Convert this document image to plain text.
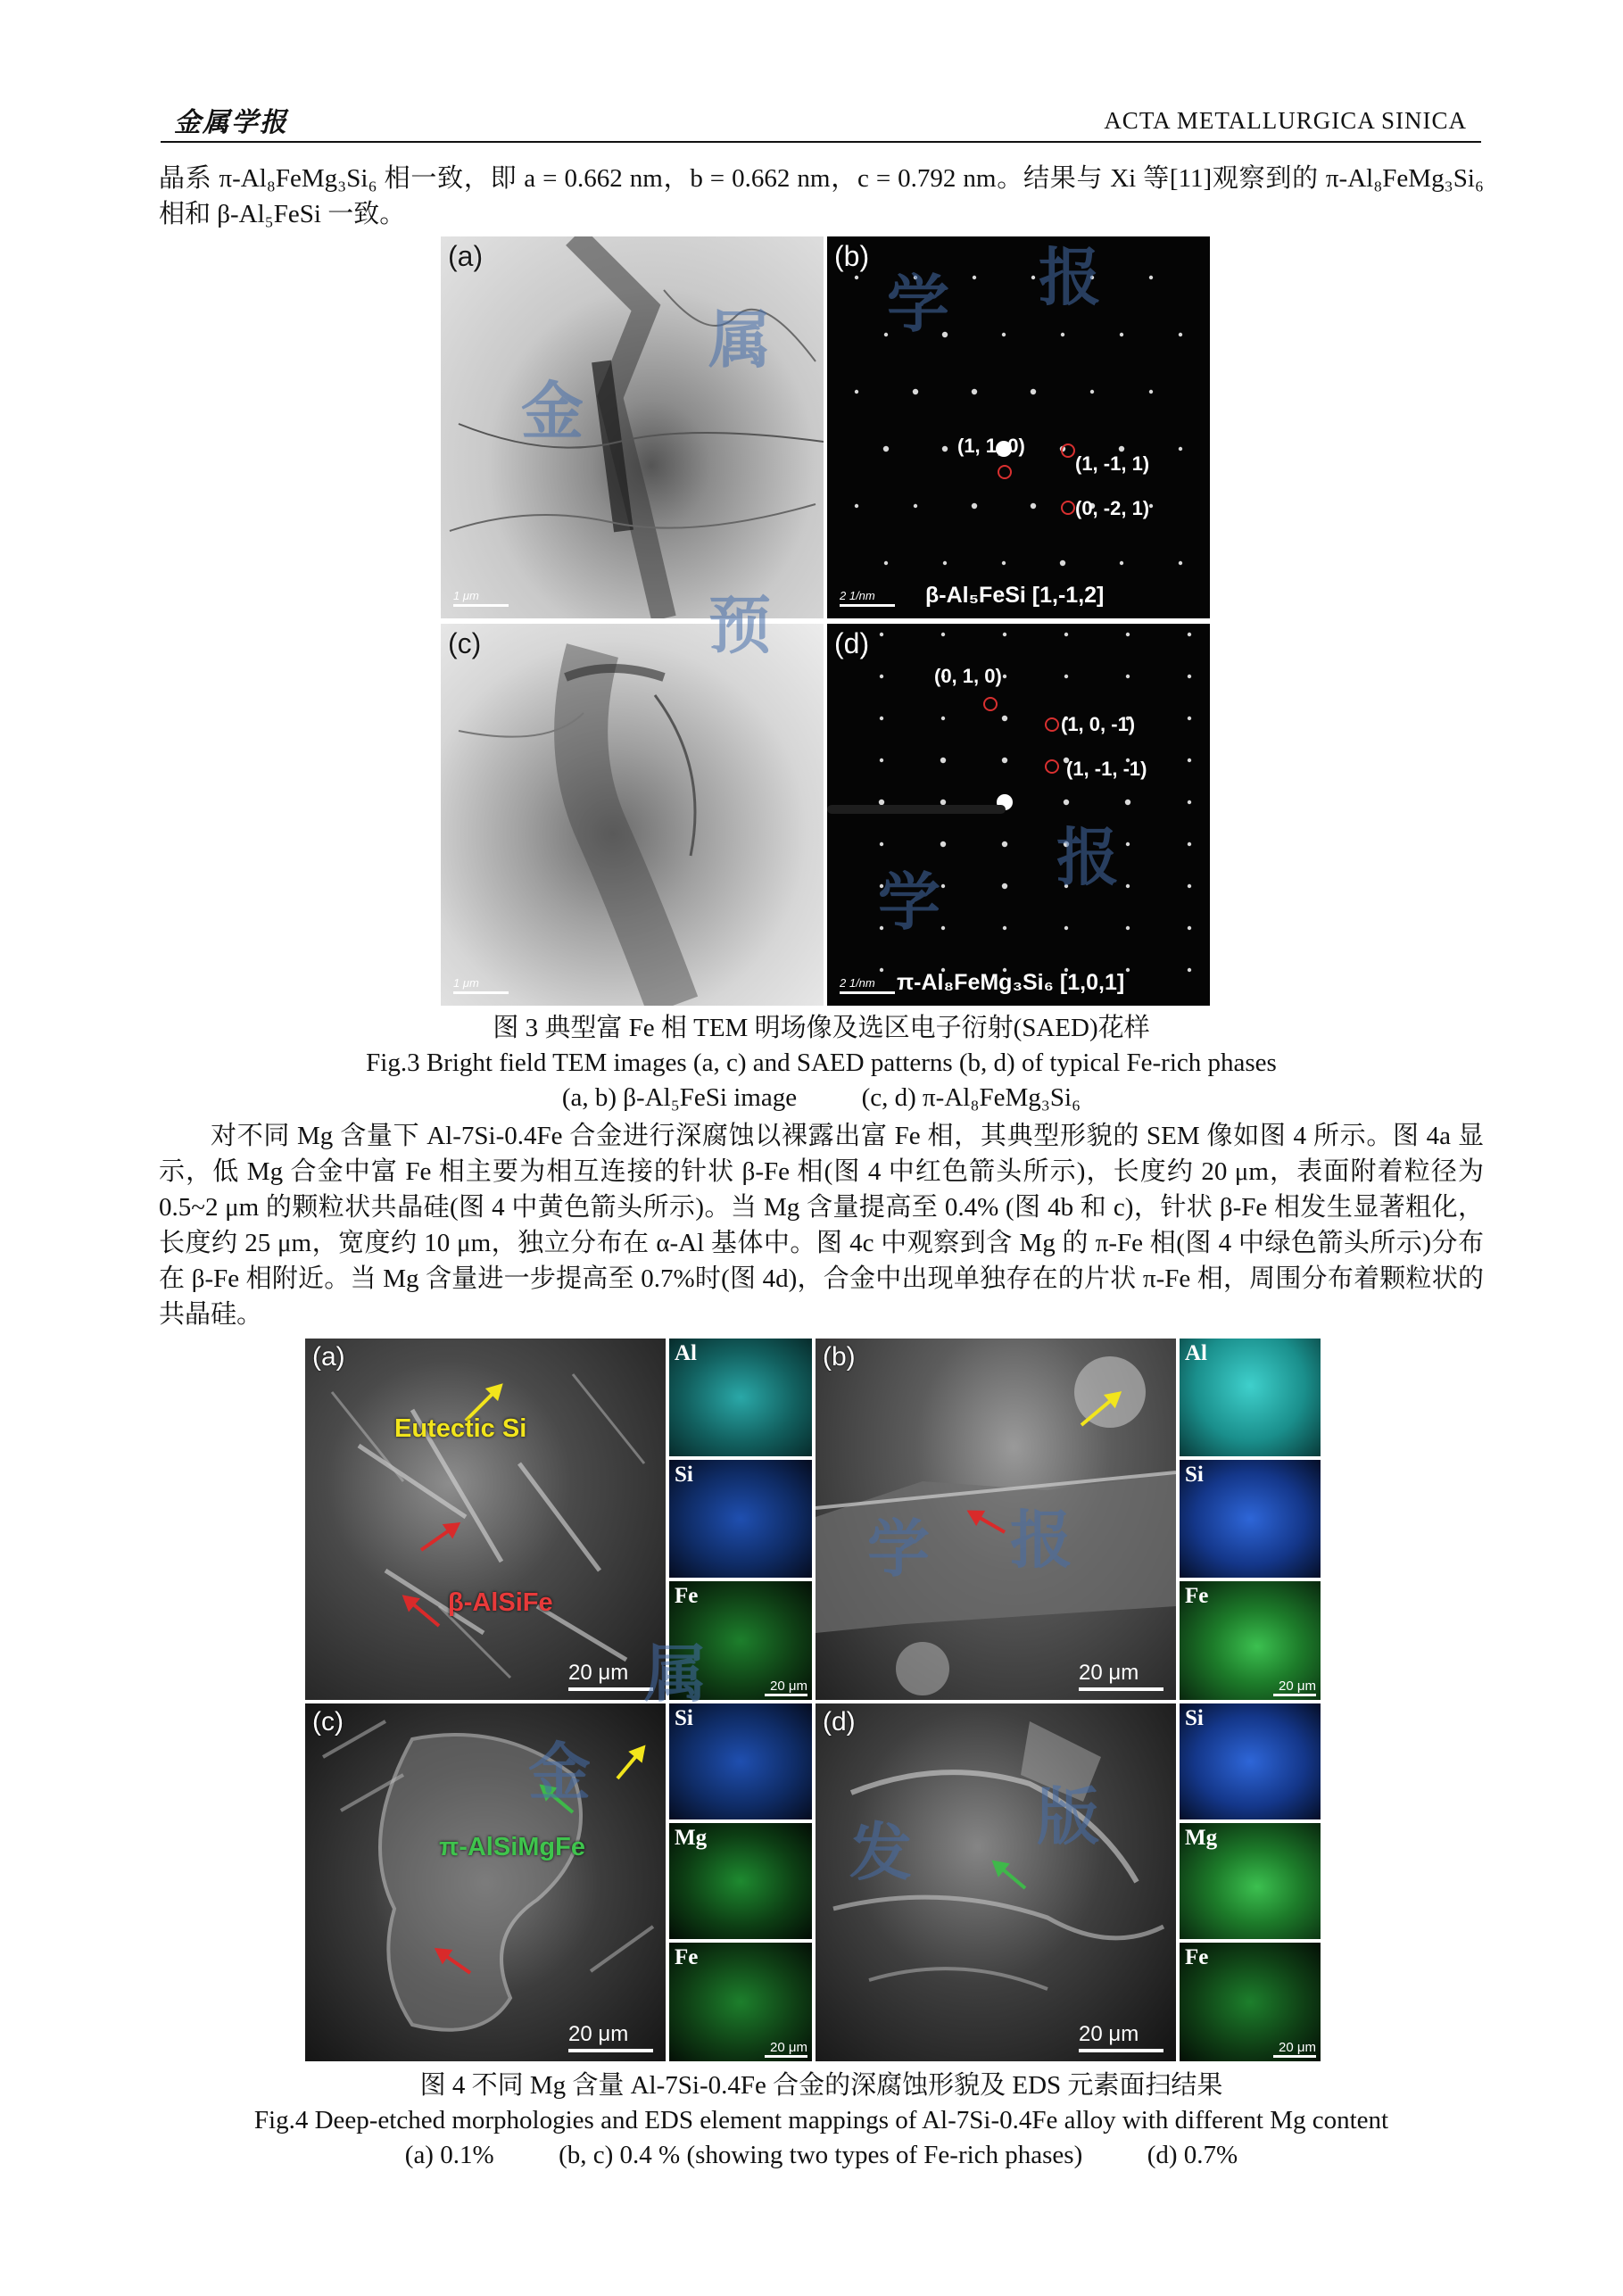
金属学报	ACTA METALLURGICA SINICA
晶系 π-Al₈FeMg₃Si₆ 相一致，即 a = 0.662 nm，b = 0.662 nm，c = 0.792 nm。结果与 Xi 等[11]观察到的 π-Al₈FeMg₃Si₆ 相和 β-Al₅FeSi 一致。
(a)
1 μm
(b)
(1, 1, 0)
(1, -1, 1)
(0, -2, 1)
β-Al₅FeSi [1,-1,2]
2 1/nm
(c)
1 μm
(d)
(0, 1, 0)
(1, 0, -1)
(1, -1, -1)
π-Al₈FeMg₃Si₆ [1,0,1]
2 1/nm
金
属 学 报
预
学
报
图 3 典型富 Fe 相 TEM 明场像及选区电子衍射(SAED)花样
Fig.3 Bright field TEM images (a, c) and SAED patterns (b, d) of typical Fe-rich phases
(a, b) β-Al₅FeSi image          (c, d) π-Al₈FeMg₃Si₆
对不同 Mg 含量下 Al-7Si-0.4Fe 合金进行深腐蚀以裸露出富 Fe 相，其典型形貌的 SEM 像如图 4 所示。图 4a 显示，低 Mg 合金中富 Fe 相主要为相互连接的针状 β-Fe 相(图 4 中红色箭头所示)，长度约 20 μm，表面附着粒径为 0.5~2 μm 的颗粒状共晶硅(图 4 中黄色箭头所示)。当 Mg 含量提高至 0.4% (图 4b 和 c)，针状 β-Fe 相发生显著粗化，长度约 25 μm，宽度约 10 μm，独立分布在 α-Al 基体中。图 4c 中观察到含 Mg 的 π-Fe 相(图 4 中绿色箭头所示)分布在 β-Fe 相附近。当 Mg 含量进一步提高至 0.7%时(图 4d)，合金中出现单独存在的片状 π-Fe 相，周围分布着颗粒状的共晶硅。
(a)
Eutectic Si
β-AlSiFe
20 μm
Al
Si
Fe
20 μm
(b)
20 μm
Al
Si
Fe
20 μm
(c)
π-AlSiMgFe
20 μm
Si
Mg
Fe
20 μm
(d)
20 μm
Si
Mg
Fe
20 μm
学 报
属
金
发 版
图 4 不同 Mg 含量 Al-7Si-0.4Fe 合金的深腐蚀形貌及 EDS 元素面扫结果
Fig.4 Deep-etched morphologies and EDS element mappings of Al-7Si-0.4Fe alloy with different Mg content
(a) 0.1%          (b, c) 0.4 % (showing two types of Fe-rich phases)          (d) 0.7%
